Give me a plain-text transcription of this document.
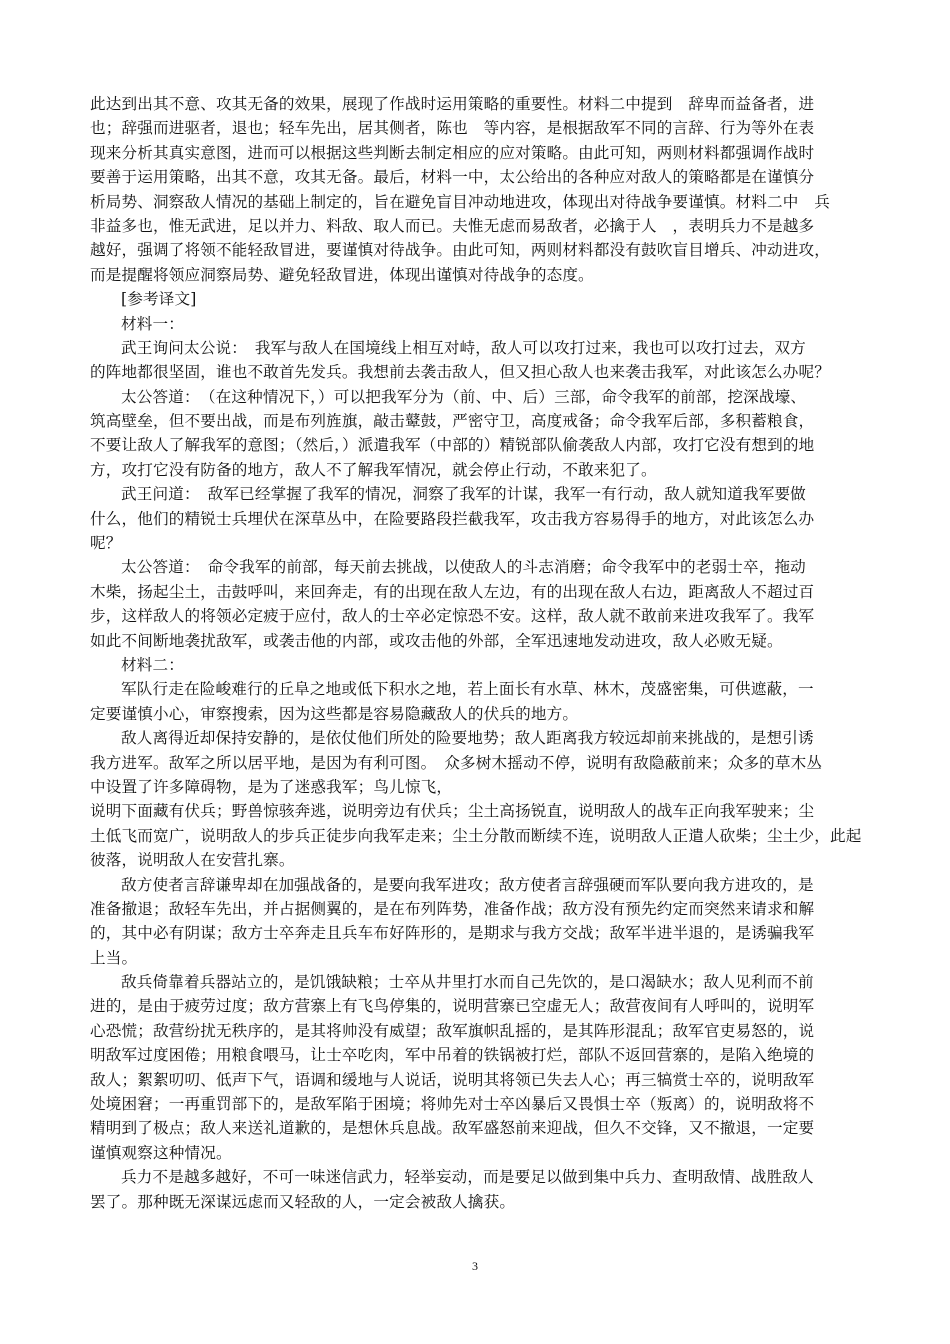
此达到出其不意、攻其无备的效果，展现了作战时运用策略的重要性。材料二中提到　辞卑而益备者，进
也；辞强而进驱者，退也；轻车先出，居其侧者，陈也　等内容，是根据敌军不同的言辞、行为等外在表
现来分析其真实意图，进而可以根据这些判断去制定相应的应对策略。由此可知，两则材料都强调作战时
要善于运用策略，出其不意，攻其无备。最后，材料一中，太公给出的各种应对敌人的策略都是在谨慎分
析局势、洞察敌人情况的基础上制定的，旨在避免盲目冲动地进攻，体现出对待战争要谨慎。材料二中　兵
非益多也，惟无武进，足以并力、料敌、取人而已。夫惟无虑而易敌者，必擒于人　，表明兵力不是越多
越好，强调了将领不能轻敌冒进，要谨慎对待战争。由此可知，两则材料都没有鼓吹盲目增兵、冲动进攻，
而是提醒将领应洞察局势、避免轻敌冒进，体现出谨慎对待战争的态度。
[参考译文]
材料一：
武王询问太公说：　我军与敌人在国境线上相互对峙，敌人可以攻打过来，我也可以攻打过去，双方
的阵地都很坚固，谁也不敢首先发兵。我想前去袭击敌人，但又担心敌人也来袭击我军，对此该怎么办呢？
太公答道：　（在这种情况下，）可以把我军分为（前、中、后）三部，命令我军的前部，挖深战壕、
筑高壁垒，但不要出战，而是布列旌旗，敲击鼙鼓，严密守卫，高度戒备；命令我军后部，多积蓄粮食，
不要让敌人了解我军的意图；（然后，）派遣我军（中部的）精锐部队偷袭敌人内部，攻打它没有想到的地
方，攻打它没有防备的地方，敌人不了解我军情况，就会停止行动，不敢来犯了。
武王问道：　敌军已经掌握了我军的情况，洞察了我军的计谋，我军一有行动，敌人就知道我军要做
什么，他们的精锐士兵埋伏在深草丛中，在险要路段拦截我军，攻击我方容易得手的地方，对此该怎么办
呢？
太公答道：　命令我军的前部，每天前去挑战，以使敌人的斗志消磨；命令我军中的老弱士卒，拖动
木柴，扬起尘土，击鼓呼叫，来回奔走，有的出现在敌人左边，有的出现在敌人右边，距离敌人不超过百
步，这样敌人的将领必定疲于应付，敌人的士卒必定惊恐不安。这样，敌人就不敢前来进攻我军了。我军
如此不间断地袭扰敌军，或袭击他的内部，或攻击他的外部，全军迅速地发动进攻，敌人必败无疑。
材料二：
军队行走在险峻难行的丘阜之地或低下积水之地，若上面长有水草、林木，茂盛密集，可供遮蔽，一
定要谨慎小心，审察搜索，因为这些都是容易隐藏敌人的伏兵的地方。
敌人离得近却保持安静的，是依仗他们所处的险要地势；敌人距离我方较远却前来挑战的，是想引诱
我方进军。敌军之所以居平地，是因为有利可图。　众多树木摇动不停，说明有敌隐蔽前来；众多的草木丛
中设置了许多障碍物，是为了迷惑我军；鸟儿惊飞，
说明下面藏有伏兵；野兽惊骇奔逃，说明旁边有伏兵；尘土高扬锐直，说明敌人的战车正向我军驶来；尘
土低飞而宽广，说明敌人的步兵正徒步向我军走来；尘土分散而断续不连，说明敌人正遣人砍柴；尘土少，此起
彼落，说明敌人在安营扎寨。
敌方使者言辞谦卑却在加强战备的，是要向我军进攻；敌方使者言辞强硬而军队要向我方进攻的，是
准备撤退；敌轻车先出，并占据侧翼的，是在布列阵势，准备作战；敌方没有预先约定而突然来请求和解
的，其中必有阴谋；敌方士卒奔走且兵车布好阵形的，是期求与我方交战；敌军半进半退的，是诱骗我军
上当。
敌兵倚靠着兵器站立的，是饥饿缺粮；士卒从井里打水而自己先饮的，是口渴缺水；敌人见利而不前
进的，是由于疲劳过度；敌方营寨上有飞鸟停集的，说明营寨已空虚无人；敌营夜间有人呼叫的，说明军
心恐慌；敌营纷扰无秩序的，是其将帅没有威望；敌军旗帜乱摇的，是其阵形混乱；敌军官吏易怒的，说
明敌军过度困倦；用粮食喂马，让士卒吃肉，军中吊着的铁锅被打烂，部队不返回营寨的，是陷入绝境的
敌人；絮絮叨叨、低声下气，语调和缓地与人说话，说明其将领已失去人心；再三犒赏士卒的，说明敌军
处境困窘；一再重罚部下的，是敌军陷于困境；将帅先对士卒凶暴后又畏惧士卒（叛离）的，说明敌将不
精明到了极点；敌人来送礼道歉的，是想休兵息战。敌军盛怒前来迎战，但久不交锋，又不撤退，一定要
谨慎观察这种情况。
兵力不是越多越好，不可一味迷信武力，轻举妄动，而是要足以做到集中兵力、查明敌情、战胜敌人
罢了。那种既无深谋远虑而又轻敌的人，一定会被敌人擒获。
3
